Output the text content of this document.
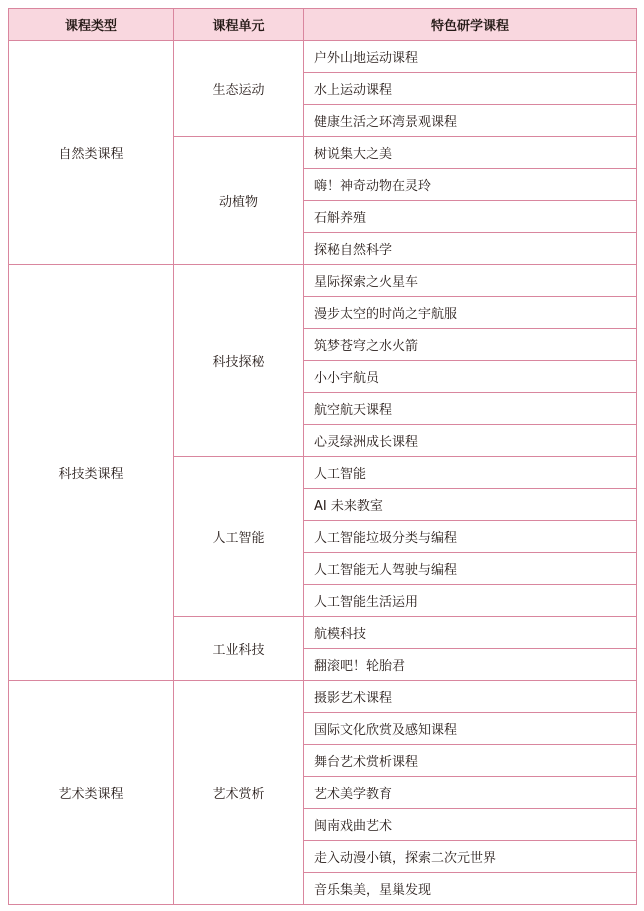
课程类型	课程单元	特色研学课程
自然类课程	生态运动	户外山地运动课程
		水上运动课程
		健康生活之环湾景观课程
	动植物	树说集大之美
		嗨！神奇动物在灵玲
		石斛养殖
		探秘自然科学
科技类课程	科技探秘	星际探索之火星车
		漫步太空的时尚之宇航服
		筑梦苍穹之水火箭
		小小宇航员
		航空航天课程
		心灵绿洲成长课程
	人工智能	人工智能
		AI 未来教室
		人工智能垃圾分类与编程
		人工智能无人驾驶与编程
		人工智能生活运用
	工业科技	航模科技
		翻滚吧！轮胎君
艺术类课程	艺术赏析	摄影艺术课程
		国际文化欣赏及感知课程
		舞台艺术赏析课程
		艺术美学教育
		闽南戏曲艺术
		走入动漫小镇，探索二次元世界
		音乐集美，星巢发现
